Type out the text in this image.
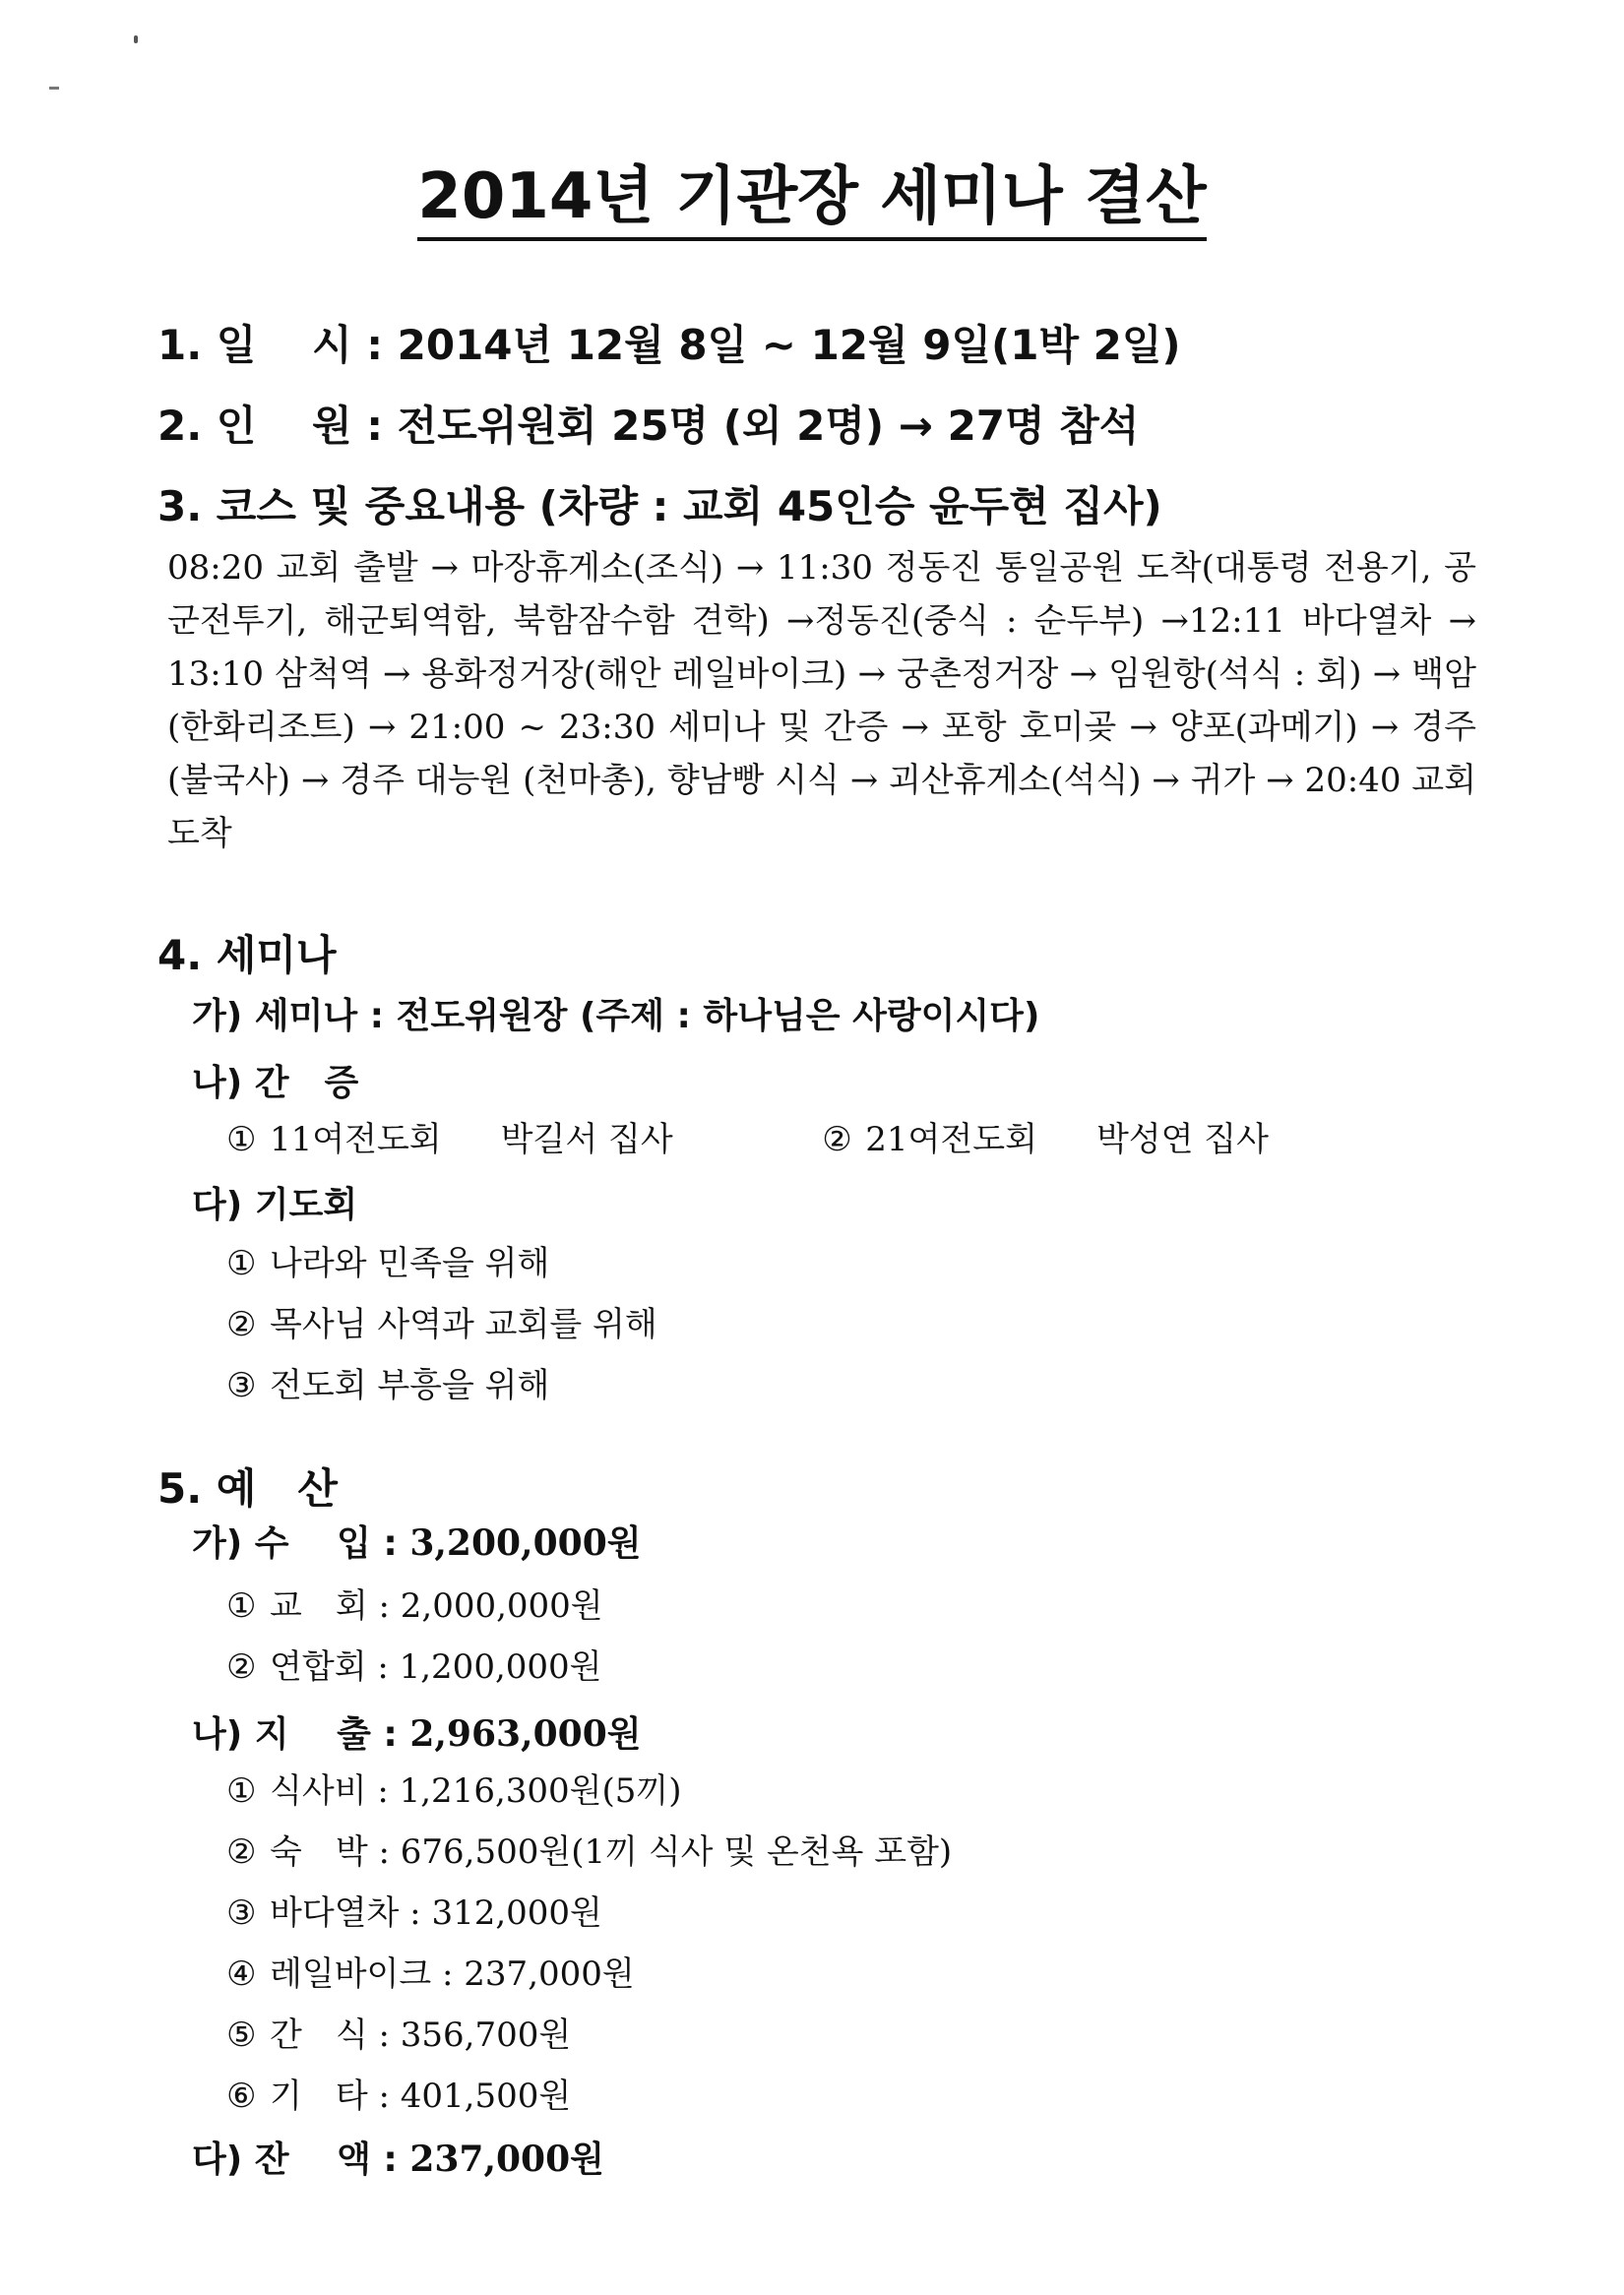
2014년 기관장 세미나 결산
1. 일　 시 : 2014년 12월 8일 ~ 12월 9일(1박 2일)
2. 인　 원 : 전도위원회 25명 (외 2명) → 27명 참석
3. 코스 및 중요내용 (차량 : 교회 45인승 윤두현 집사)
08:20 교회 출발 → 마장휴게소(조식) → 11:30 정동진 통일공원 도착(대통령 전용기, 공군전투기, 해군퇴역함, 북함잠수함 견학) →정동진(중식 : 순두부) →12:11 바다열차 → 13:10 삼척역 → 용화정거장(해안 레일바이크) → 궁촌정거장 → 임원항(석식 : 회) → 백암(한화리조트) → 21:00 ~ 23:30 세미나 및 간증 → 포항 호미곶 → 양포(과메기) → 경주(불국사) → 경주 대능원 (천마총), 향남빵 시식 → 괴산휴게소(석식) → 귀가 → 20:40 교회도착
4. 세미나
가) 세미나 : 전도위원장 (주제 : 하나님은 사랑이시다)
나) 간　증
① 11여전도회 박길서 집사	② 21여전도회 박성연 집사
다) 기도회
① 나라와 민족을 위해
② 목사님 사역과 교회를 위해
③ 전도회 부흥을 위해
5. 예　산
가) 수　 입 : 3,200,000원
① 교　회 : 2,000,000원
② 연합회 : 1,200,000원
나) 지　 출 : 2,963,000원
① 식사비 : 1,216,300원(5끼)
② 숙　박 : 676,500원(1끼 식사 및 온천욕 포함)
③ 바다열차 : 312,000원
④ 레일바이크 : 237,000원
⑤ 간　식 : 356,700원
⑥ 기　타 : 401,500원
다) 잔　 액 : 237,000원
